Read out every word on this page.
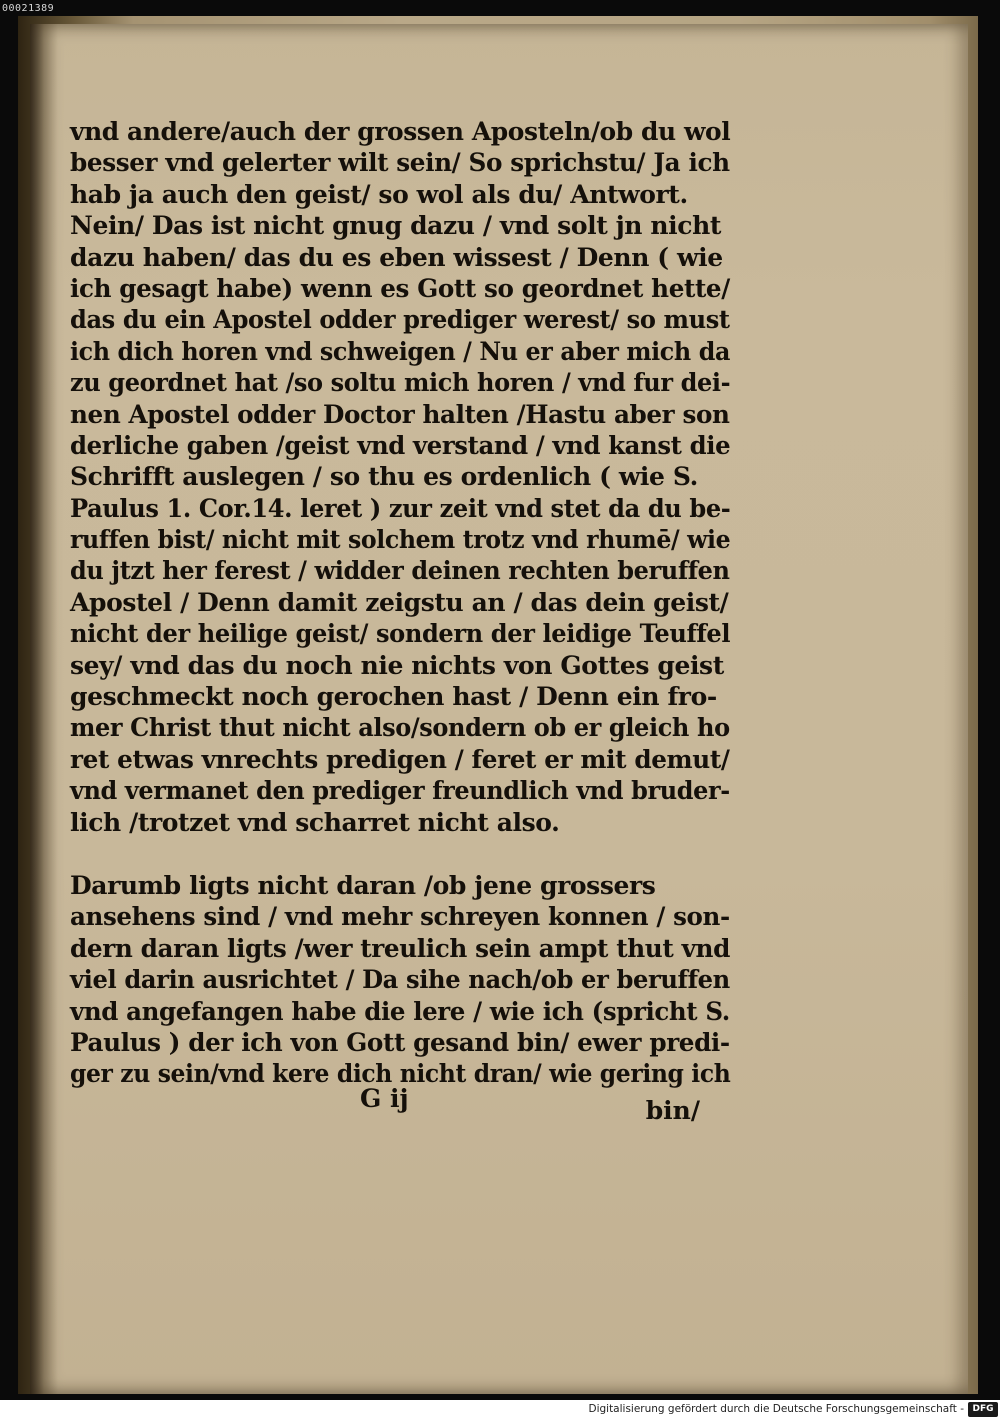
00021389
vnd andere/auch der grossen Aposteln/ob du wol
besser vnd gelerter wilt sein/ So sprichstu/ Ja ich
hab ja auch den geist/ so wol als du/ Antwort.
Nein/ Das ist nicht gnug dazu / vnd solt jn nicht
dazu haben/ das du es eben wissest / Denn ( wie
ich gesagt habe) wenn es Gott so geordnet hette/
das du ein Apostel odder prediger werest/ so must
ich dich horen vnd schweigen / Nu er aber mich da
zu geordnet hat /so soltu mich horen / vnd fur dei-
nen Apostel odder Doctor halten /Hastu aber son
derliche gaben /geist vnd verstand / vnd kanst die
Schrifft auslegen / so thu es ordenlich ( wie S.
Paulus 1. Cor.14. leret ) zur zeit vnd stet da du be-
ruffen bist/ nicht mit solchem trotz vnd rhumē/ wie
du jtzt her ferest / widder deinen rechten beruffen
Apostel / Denn damit zeigstu an / das dein geist/
nicht der heilige geist/ sondern der leidige Teuffel
sey/ vnd das du noch nie nichts von Gottes geist
geschmeckt noch gerochen hast / Denn ein fro-
mer Christ thut nicht also/sondern ob er gleich ho
ret etwas vnrechts predigen / feret er mit demut/
vnd vermanet den prediger freundlich vnd bruder-
lich /trotzet vnd scharret nicht also.
Darumb ligts nicht daran /ob jene grossers
ansehens sind / vnd mehr schreyen konnen / son-
dern daran ligts /wer treulich sein ampt thut vnd
viel darin ausrichtet / Da sihe nach/ob er beruffen
vnd angefangen habe die lere / wie ich (spricht S.
Paulus ) der ich von Gott gesand bin/ ewer predi-
ger zu sein/vnd kere dich nicht dran/ wie gering ich
G ij	bin/
Digitalisierung gefördert durch die Deutsche Forschungsgemeinschaft - DFG
